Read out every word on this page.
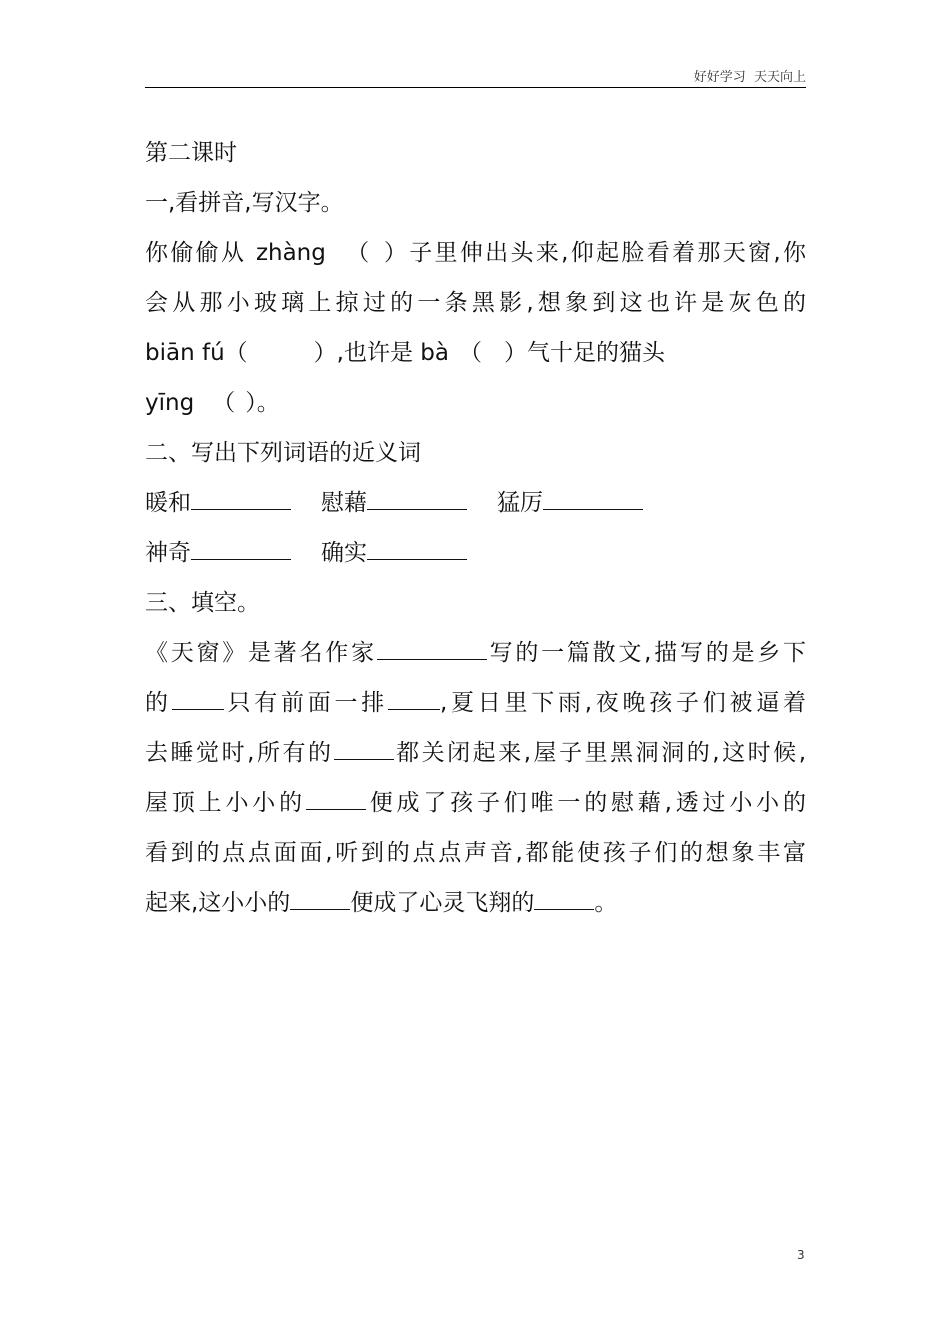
好好学习  天天向上
第二课时
一,看拼音,写汉字。
你偷偷从 zhàng （ ）子里伸出头来,仰起脸看着那天窗,你
会从那小玻璃上掠过的一条黑影,想象到这也许是灰色的
biān fú（	）,也许是 bà （ ）气十足的猫头
yīng （ ）。
二、写出下列词语的近义词
暖和	慰藉	猛厉
神奇	确实
三、填空。
《天窗》是著名作家	写的一篇散文,描写的是乡下
的 只有前面一排 ,夏日里下雨,夜晚孩子们被逼着
去睡觉时,所有的	都关闭起来,屋子里黑洞洞的,这时候,
屋顶上小小的	便成了孩子们唯一的慰藉,透过小小的
看到的点点面面,听到的点点声音,都能使孩子们的想象丰富
起来,这小小的	便成了心灵飞翔的	。
3
